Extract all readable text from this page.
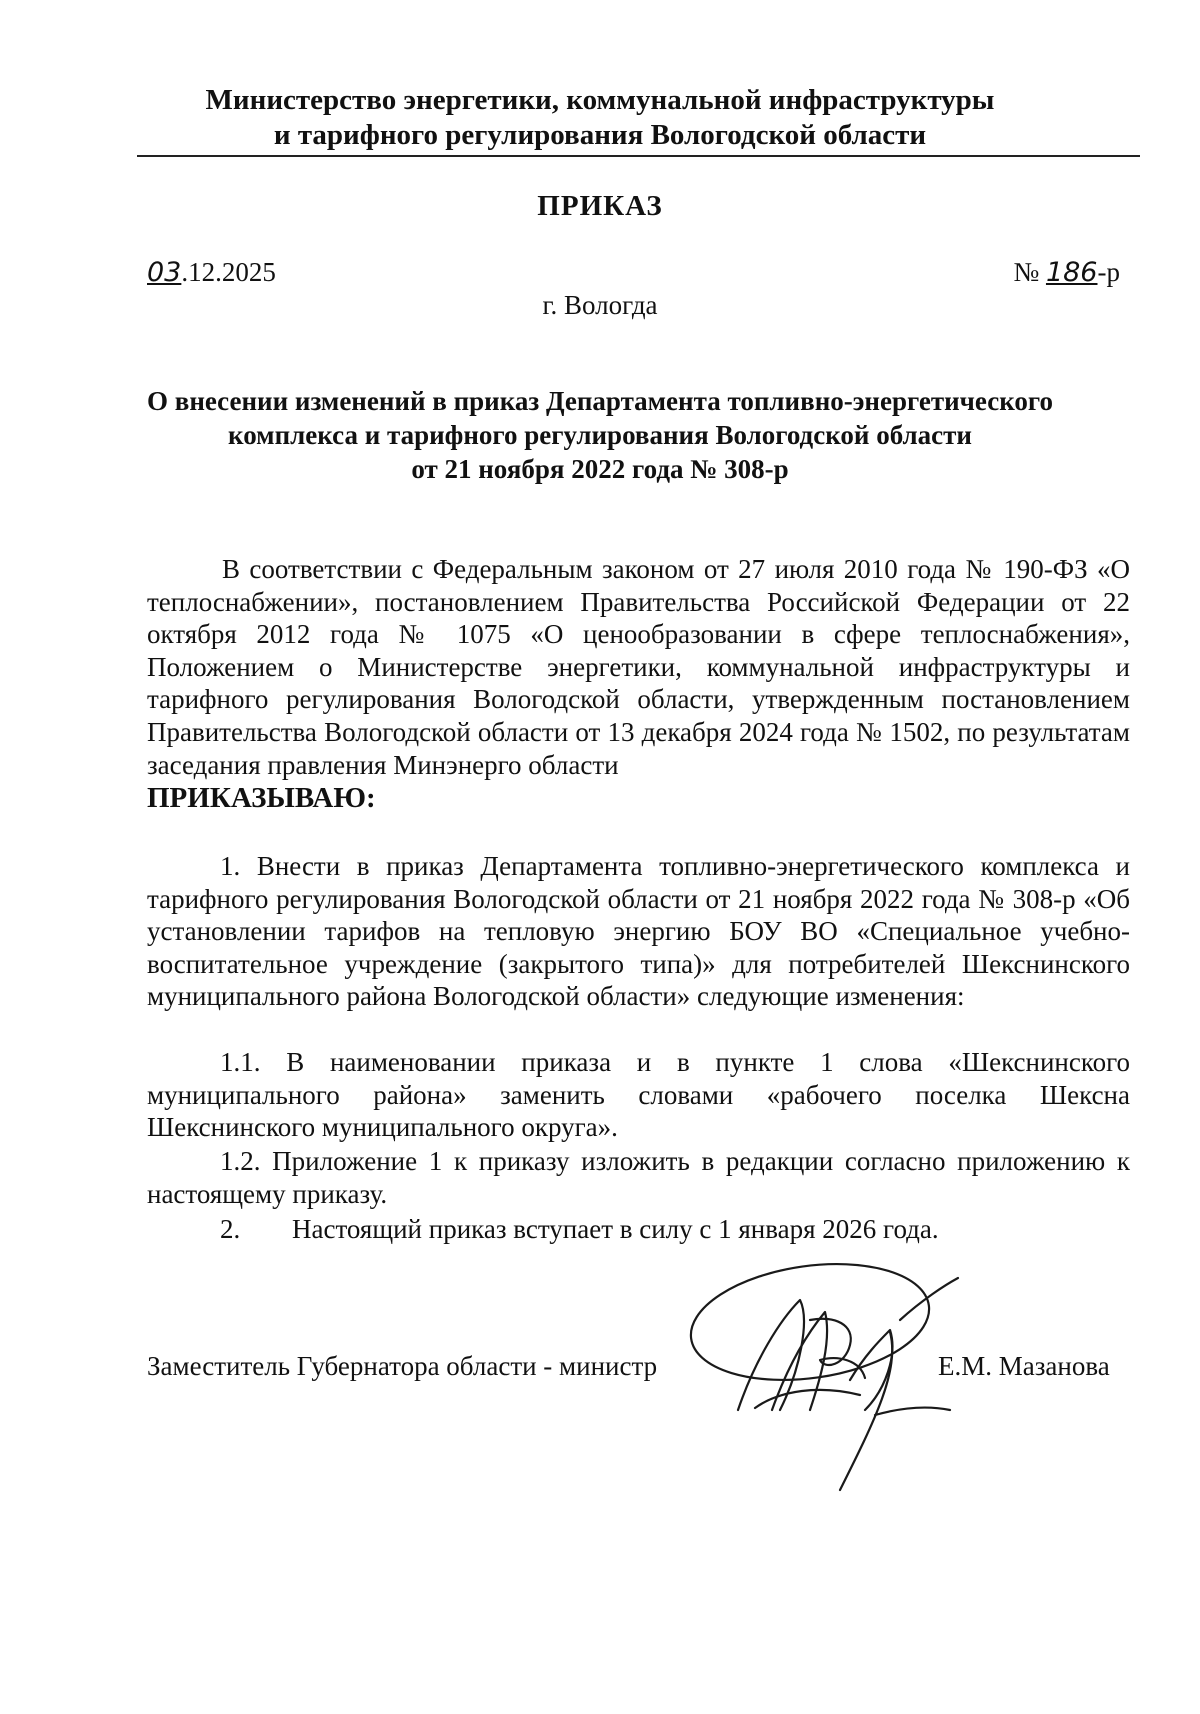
Министерство энергетики, коммунальной инфраструктуры
и тарифного регулирования Вологодской области
ПРИКАЗ
03.12.2025	№ 186-р
г. Вологда
О внесении изменений в приказ Департамента топливно-энергетического
комплекса и тарифного регулирования Вологодской области
от 21 ноября 2022 года № 308-р
В соответствии с Федеральным законом от 27 июля 2010 года № 190-ФЗ «О теплоснабжении», постановлением Правительства Российской Федерации от 22 октября 2012 года № 1075 «О ценообразовании в сфере теплоснабжения», Положением о Министерстве энергетики, коммунальной инфраструктуры и тарифного регулирования Вологодской области, утвержденным постановлением Правительства Вологодской области от 13 декабря 2024 года № 1502, по результатам заседания правления Минэнерго области
ПРИКАЗЫВАЮ:
1. Внести в приказ Департамента топливно-энергетического комплекса и тарифного регулирования Вологодской области от 21 ноября 2022 года № 308-р «Об установлении тарифов на тепловую энергию БОУ ВО «Специальное учебно-воспитательное учреждение (закрытого типа)» для потребителей Шекснинского муниципального района Вологодской области» следующие изменения:
1.1. В наименовании приказа и в пункте 1 слова «Шекснинского муниципального района» заменить словами «рабочего поселка Шексна Шекснинского муниципального округа».
1.2. Приложение 1 к приказу изложить в редакции согласно приложению к настоящему приказу.
2. Настоящий приказ вступает в силу с 1 января 2026 года.
Заместитель Губернатора области - министр	Е.М. Мазанова
